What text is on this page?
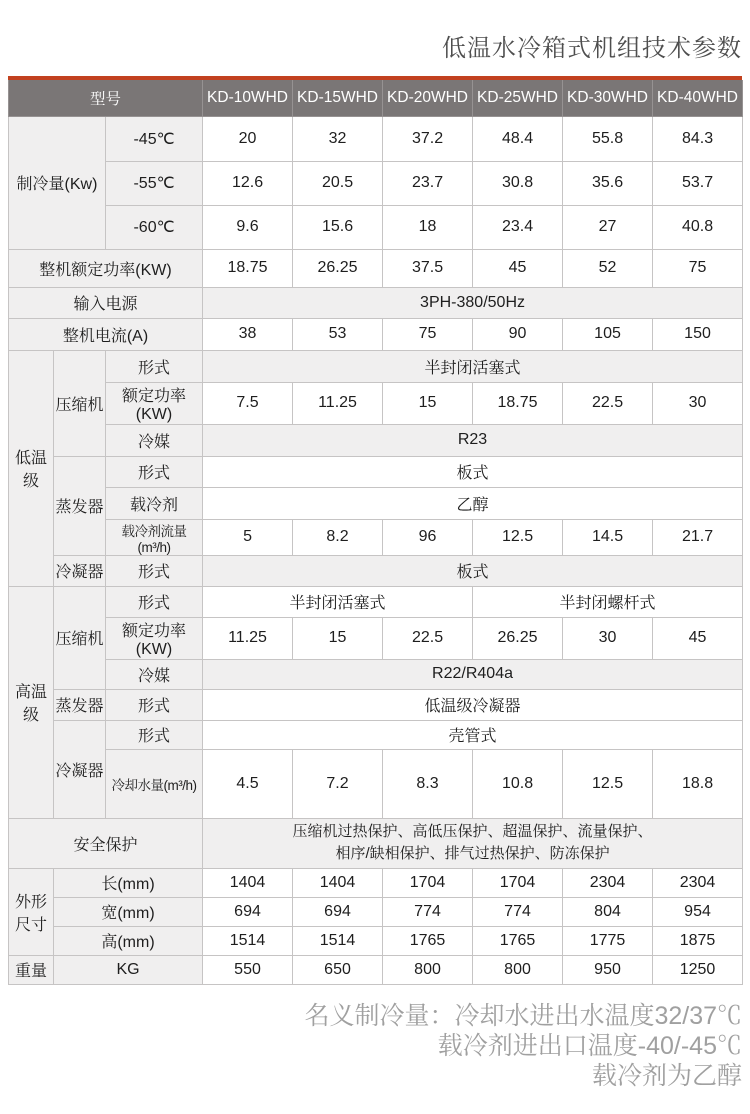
低温水冷箱式机组技术参数
型号			KD-10WHD	KD-15WHD	KD-20WHD	KD-25WHD	KD-30WHD	KD-40WHD
制冷量(Kw)		-45℃	20	32	37.2	48.4	55.8	84.3
		-55℃	12.6	20.5	23.7	30.8	35.6	53.7
		-60℃	9.6	15.6	18	23.4	27	40.8
整机额定功率(KW)			18.75	26.25	37.5	45	52	75
输入电源			3PH-380/50Hz					
整机电流(A)			38	53	75	90	105	150
低温级	压缩机	形式	半封闭活塞式					
		额定功率(KW)	7.5	11.25	15	18.75	22.5	30
		冷媒	R23					
	蒸发器	形式	板式					
		载冷剂	乙醇					
		载冷剂流量(m³/h)	5	8.2	96	12.5	14.5	21.7
	冷凝器	形式	板式					
高温级	压缩机	形式	半封闭活塞式			半封闭螺杆式		
		额定功率(KW)	11.25	15	22.5	26.25	30	45
		冷媒	R22/R404a					
	蒸发器	形式	低温级冷凝器					
	冷凝器	形式	壳管式					
		冷却水量(m³/h)	4.5	7.2	8.3	10.8	12.5	18.8
安全保护			压缩机过热保护、高低压保护、超温保护、流量保护、
相序/缺相保护、排气过热保护、防冻保护					

外形尺寸	长(mm)		1404	1404	1704	1704	2304	2304
	宽(mm)		694	694	774	774	804	954
	高(mm)		1514	1514	1765	1765	1775	1875
重量	KG		550	650	800	800	950	1250
名义制冷量：冷却水进出水温度32/37℃
载冷剂进出口温度-40/-45℃
载冷剂为乙醇
